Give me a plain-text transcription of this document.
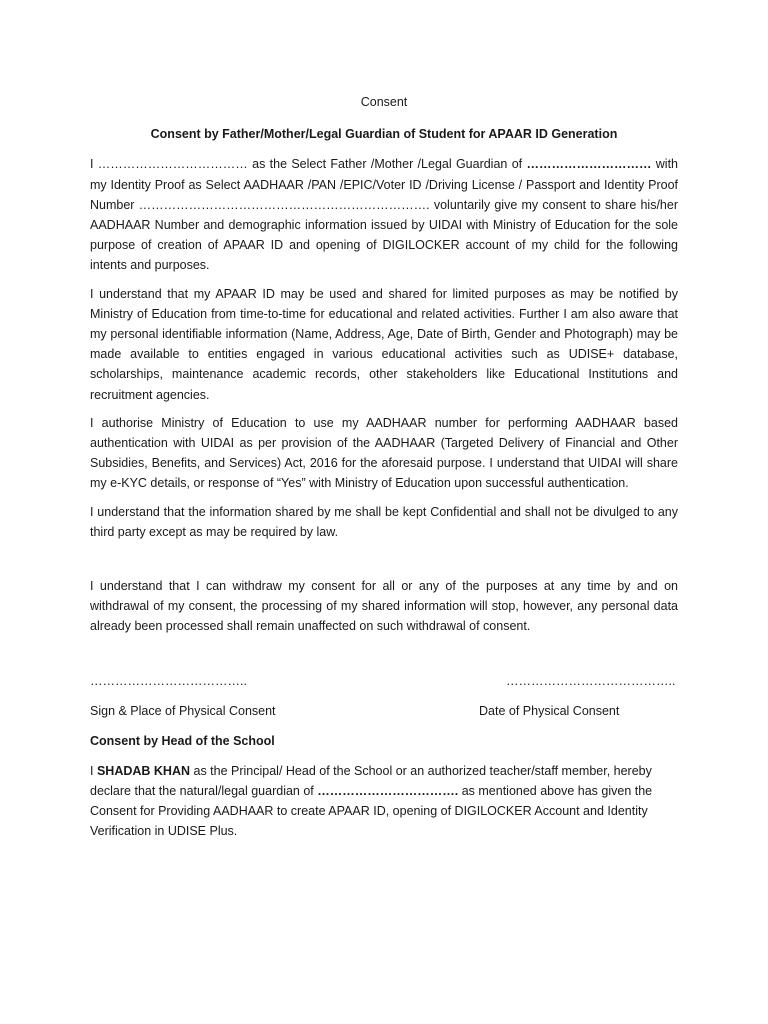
Consent
Consent by Father/Mother/Legal Guardian of Student for APAAR ID Generation

I ……………………………… as the Select Father /Mother /Legal Guardian of ………………………… with my Identity Proof as Select AADHAAR /PAN /EPIC/Voter ID /Driving License / Passport and Identity Proof Number ……………………………………………………………. voluntarily give my consent to share his/her AADHAAR Number and demographic information issued by UIDAI with Ministry of Education for the sole purpose of creation of APAAR ID and opening of DIGILOCKER account of my child for the following intents and purposes.

I understand that my APAAR ID may be used and shared for limited purposes as may be notified by Ministry of Education from time-to-time for educational and related activities. Further I am also aware that my personal identifiable information (Name, Address, Age, Date of Birth, Gender and Photograph) may be made available to entities engaged in various educational activities such as UDISE+ database, scholarships, maintenance academic records, other stakeholders like Educational Institutions and recruitment agencies.

I authorise Ministry of Education to use my AADHAAR number for performing AADHAAR based authentication with UIDAI as per provision of the AADHAAR (Targeted Delivery of Financial and Other Subsidies, Benefits, and Services) Act, 2016 for the aforesaid purpose. I understand that UIDAI will share my e-KYC details, or response of “Yes” with Ministry of Education upon successful authentication.

I understand that the information shared by me shall be kept Confidential and shall not be divulged to any third party except as may be required by law.

I understand that I can withdraw my consent for all or any of the purposes at any time by and on withdrawal of my consent, the processing of my shared information will stop, however, any personal data already been processed shall remain unaffected on such withdrawal of consent.

………………………………..	…………………………………..
Sign & Place of Physical Consent	Date of Physical Consent
Consent by Head of the School

I SHADAB KHAN as the Principal/ Head of the School or an authorized teacher/staff member, hereby declare that the natural/legal guardian of ……………………………. as mentioned above has given the Consent for Providing AADHAAR to create APAAR ID, opening of DIGILOCKER Account and Identity Verification in UDISE Plus.
